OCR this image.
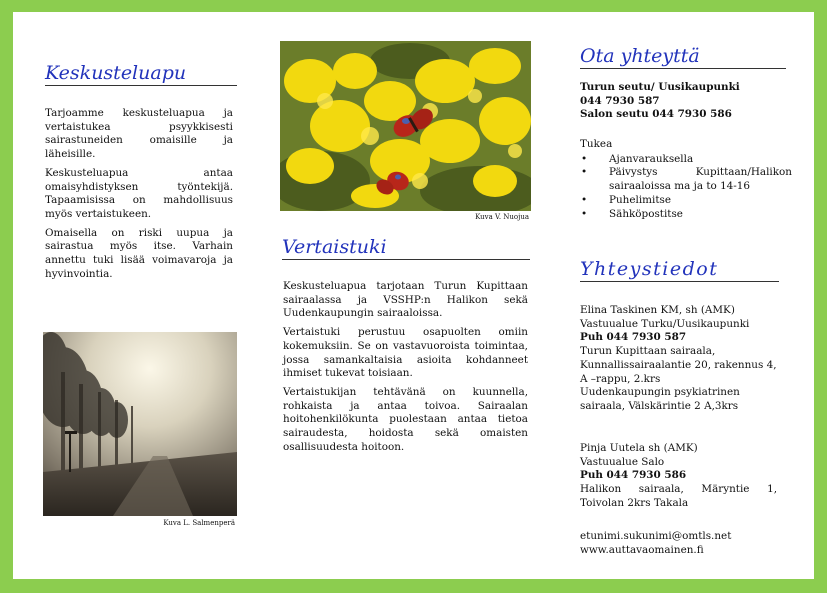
Keskusteluapu

Tarjoamme keskusteluapua ja vertaistukea psyykkisesti sairastuneiden omaisille ja läheisille.

Keskusteluapua antaa omaisyhdistyksen työntekijä. Tapaamisissa on mahdollisuus myös vertaistukeen.

Omaisella on riski uupua ja sairastua myös itse. Varhain annettu tuki lisää voimavaroja ja hyvinvointia.

Kuva L. Salmenperä
Kuva V. Nuojua
Vertaistuki

Keskusteluapua tarjotaan Turun Kupittaan sairaalassa ja VSSHP:n Halikon sekä Uudenkaupungin sairaaloissa.

Vertaistuki perustuu osapuolten omiin kokemuksiin. Se on vastavuoroista toimintaa, jossa samankaltaisia asioita kohdanneet ihmiset tukevat toisiaan.

Vertaistukijan tehtävänä on kuunnella, rohkaista ja antaa toivoa. Sairaalan hoitohenkilökunta puolestaan antaa tietoa sairaudesta, hoidosta sekä omaisten osallisuudesta hoitoon.

Ota yhteyttä
Turun seutu/ Uusikaupunki
044 7930 587
Salon seutu 044 7930 586
Tukea
• Ajanvarauksella
• Päivystys Kupittaan/Halikon sairaaloissa ma ja to 14-16
• Puhelimitse
• Sähköpostitse
Yhteystiedot
Elina Taskinen KM, sh (AMK)
Vastuualue Turku/Uusikaupunki
Puh 044 7930 587
Turun Kupittaan sairaala, Kunnallissairaalantie 20, rakennus 4, A –rappu, 2.krs
Uudenkaupungin psykiatrinen sairaala, Välskärintie 2 A,3krs
Pinja Uutela sh (AMK)
Vastuualue Salo
Puh 044 7930 586
Halikon sairaala, Märyntie 1, Toivolan 2krs Takala
etunimi.sukunimi@omtls.net
www.auttavaomainen.fi
